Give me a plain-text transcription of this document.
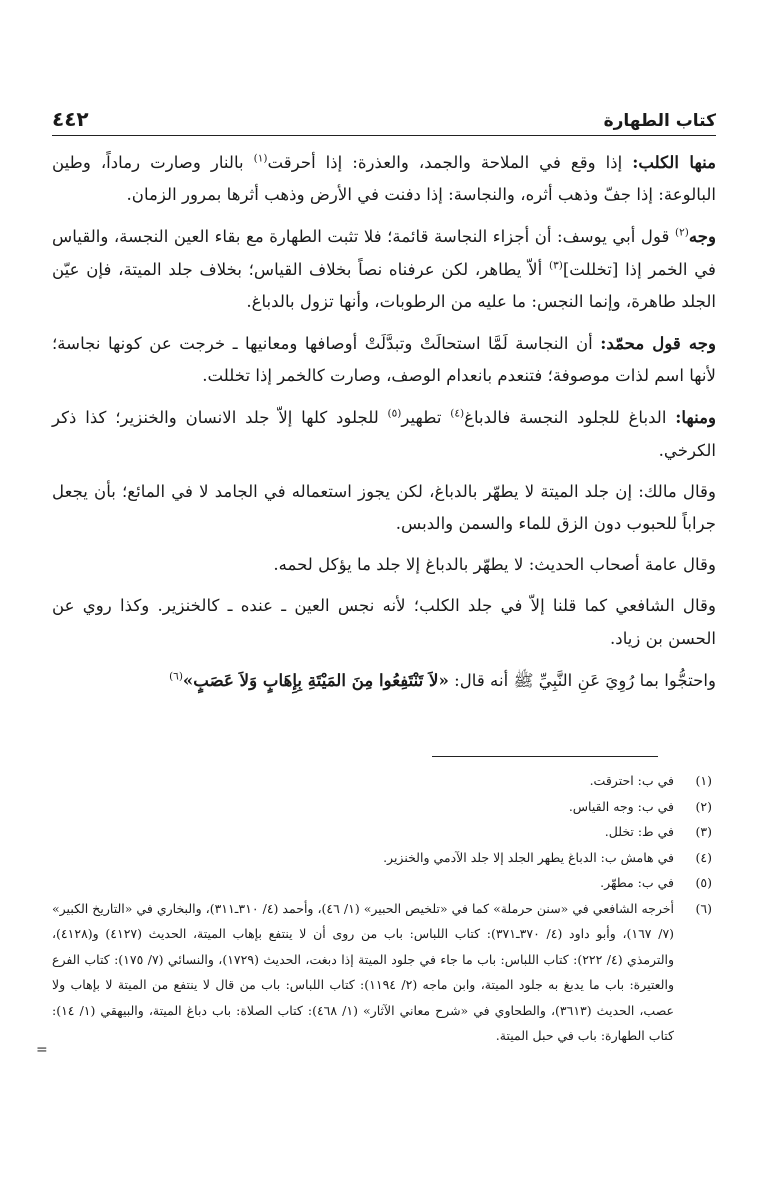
كتاب الطهارة
٤٤٢

منها الكلب: إذا وقع في الملاحة والجمد، والعذرة: إذا أحرقت$^{(١)}$ بالنار وصارت رماداً، وطين البالوعة: إذا جفّ وذهب أثره، والنجاسة: إذا دفنت في الأرض وذهب أثرها بمرور الزمان.

وجه$^{(٢)}$ قول أبي يوسف: أن أجزاء النجاسة قائمة؛ فلا تثبت الطهارة مع بقاء العين النجسة، والقياس في الخمر إذا [تخللت]$^{(٣)}$ ألاّ يطاهر، لكن عرفناه نصاً بخلاف القياس؛ بخلاف جلد الميتة، فإن عيّن الجلد طاهرة، وإنما النجس: ما عليه من الرطوبات، وأنها تزول بالدباغ.

وجه قول محمّد: أن النجاسة لَمَّا استحالَتْ وتبدَّلَتْ أوصافها ومعانيها ـ خرجت عن كونها نجاسة؛ لأنها اسم لذات موصوفة؛ فتنعدم بانعدام الوصف، وصارت كالخمر إذا تخللت.

ومنها: الدباغ للجلود النجسة فالدباغ$^{(٤)}$ تطهير$^{(٥)}$ للجلود كلها إلاّ جلد الانسان والخنزير؛ كذا ذكر الكرخي.

وقال مالك: إن جلد الميتة لا يطهّر بالدباغ، لكن يجوز استعماله في الجامد لا في المائع؛ بأن يجعل جراباً للحبوب دون الزق للماء والسمن والدبس.

وقال عامة أصحاب الحديث: لا يطهّر بالدباغ إلا جلد ما يؤكل لحمه.

وقال الشافعي كما قلنا إلاّ في جلد الكلب؛ لأنه نجس العين ـ عنده ـ كالخنزير. وكذا روي عن الحسن بن زياد.

واحتجُّوا بما رُوِيَ عَنِ النَّبِيِّ ﷺ أنه قال: «لاَ تَنْتَفِعُوا مِنَ المَيْتَةِ بِإِهَابٍ وَلاَ عَصَبٍ»$^{(٦)}$

(١)
في ب: احترقت.
(٢)
في ب: وجه القياس.
(٣)
في ط: تخلل.
(٤)
في هامش ب: الدباغ يطهر الجلد إلا جلد الآدمي والخنزير.
(٥)
في ب: مطهّر.
(٦)
أخرجه الشافعي في «سنن حرملة» كما في «تلخيص الحبير» (١/ ٤٦)، وأحمد (٤/ ٣١٠ـ٣١١)، والبخاري في «التاريخ الكبير» (٧/ ١٦٧)، وأبو داود (٤/ ٣٧٠ـ٣٧١): كتاب اللباس: باب من روى أن لا ينتفع بإهاب الميتة، الحديث (٤١٢٧) و(٤١٢٨)، والترمذي (٤/ ٢٢٢): كتاب اللباس: باب ما جاء في جلود الميتة إذا دبغت، الحديث (١٧٢٩)، والنسائي (٧/ ١٧٥): كتاب الفرع والعتيرة: باب ما يدبغ به جلود الميتة، وابن ماجه (٢/ ١١٩٤): كتاب اللباس: باب من قال لا ينتفع من الميتة لا بإهاب ولا عصب، الحديث (٣٦١٣)، والطحاوي في «شرح معاني الآثار» (١/ ٤٦٨): كتاب الصلاة: باب دباغ الميتة، والبيهقي (١/ ١٤): كتاب الطهارة: باب في حبل الميتة.
=
